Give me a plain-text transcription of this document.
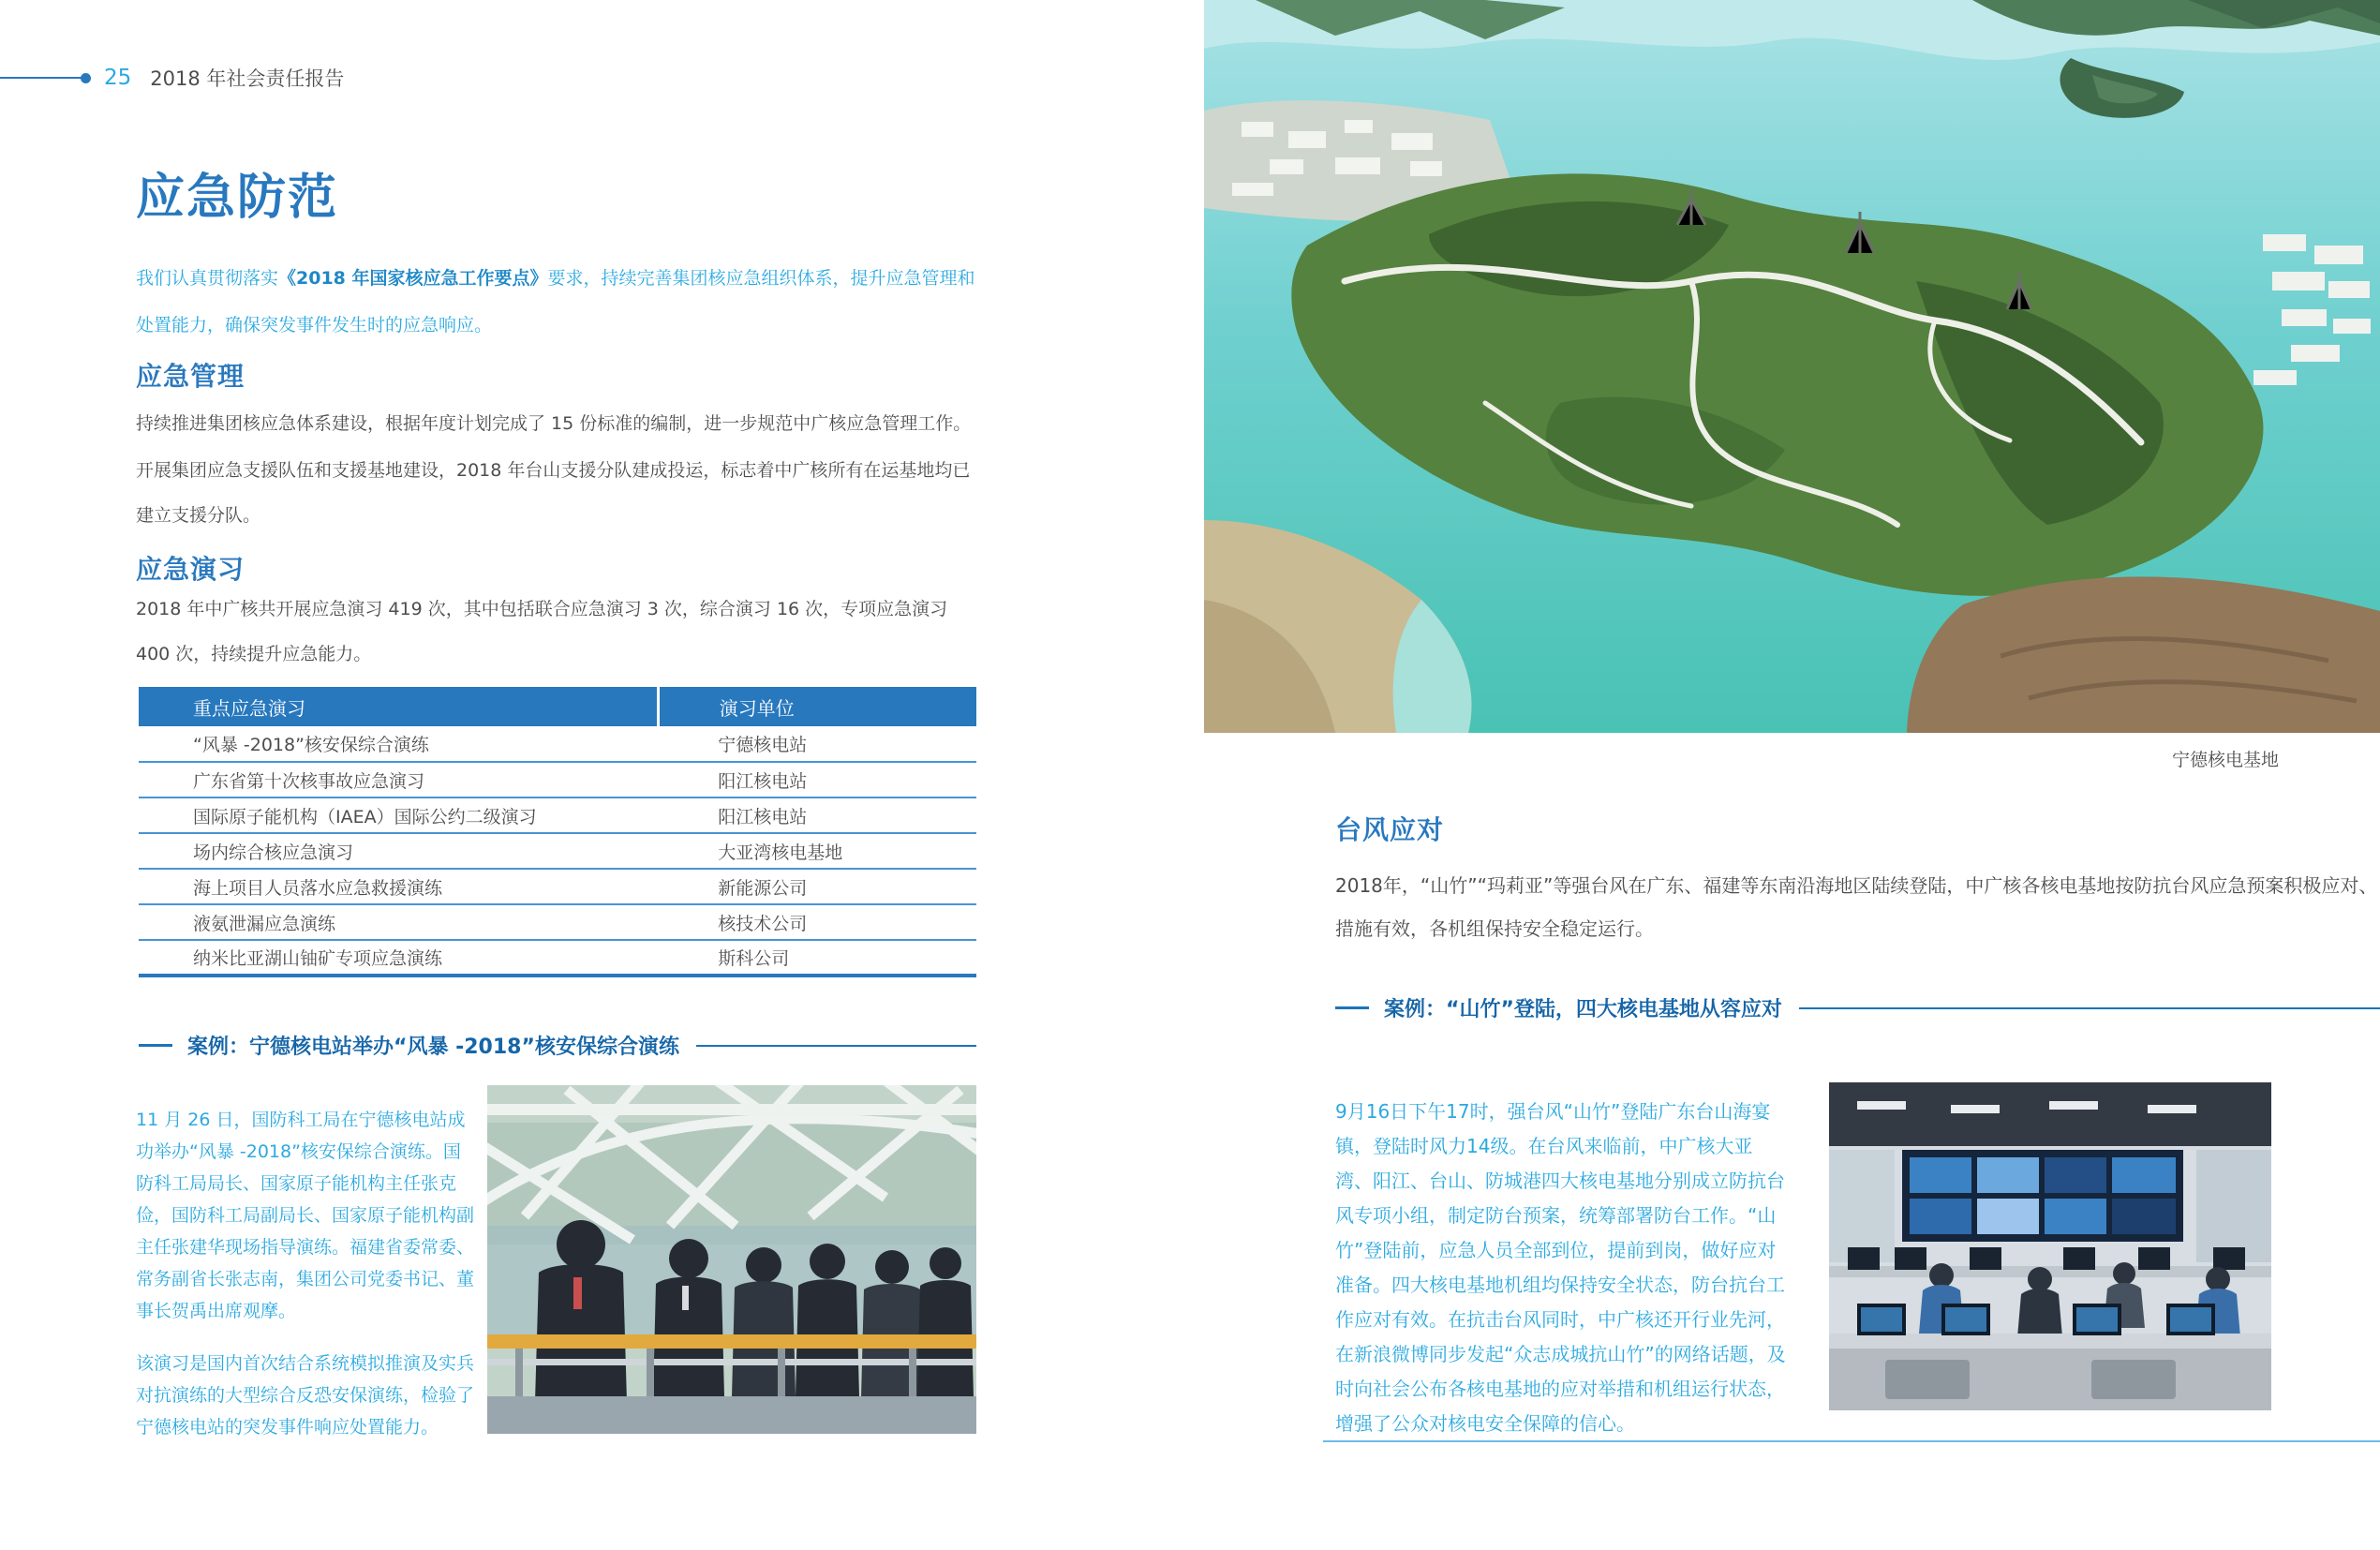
25 2018 年社会责任报告
应急防范

我们认真贯彻落实《2018 年国家核应急工作要点》要求，持续完善集团核应急组织体系，提升应急管理和处置能力，确保突发事件发生时的应急响应。

应急管理

持续推进集团核应急体系建设，根据年度计划完成了 15 份标准的编制，进一步规范中广核应急管理工作。

开展集团应急支援队伍和支援基地建设，2018 年台山支援分队建成投运，标志着中广核所有在运基地均已建立支援分队。

应急演习

2018 年中广核共开展应急演习 419 次，其中包括联合应急演习 3 次，综合演习 16 次，专项应急演习 400 次，持续提升应急能力。

重点应急演习	演习单位
“风暴 -2018”核安保综合演练	宁德核电站
广东省第十次核事故应急演习	阳江核电站
国际原子能机构（IAEA）国际公约二级演习	阳江核电站
场内综合核应急演习	大亚湾核电基地
海上项目人员落水应急救援演练	新能源公司
液氨泄漏应急演练	核技术公司
纳米比亚湖山铀矿专项应急演练	斯科公司
案例：宁德核电站举办“风暴 -2018”核安保综合演练

11 月 26 日，国防科工局在宁德核电站成功举办“风暴 -2018”核安保综合演练。国防科工局局长、国家原子能机构主任张克俭，国防科工局副局长、国家原子能机构副主任张建华现场指导演练。福建省委常委、常务副省长张志南，集团公司党委书记、董事长贺禹出席观摩。

该演习是国内首次结合系统模拟推演及实兵对抗演练的大型综合反恐安保演练，检验了宁德核电站的突发事件响应处置能力。

宁德核电基地
台风应对

2018年，“山竹”“玛莉亚”等强台风在广东、福建等东南沿海地区陆续登陆，中广核各核电基地按防抗台风应急预案积极应对、措施有效，各机组保持安全稳定运行。

案例：“山竹”登陆，四大核电基地从容应对

9月16日下午17时，强台风“山竹”登陆广东台山海宴镇，登陆时风力14级。在台风来临前，中广核大亚湾、阳江、台山、防城港四大核电基地分别成立防抗台风专项小组，制定防台预案，统筹部署防台工作。“山竹”登陆前，应急人员全部到位，提前到岗，做好应对准备。四大核电基地机组均保持安全状态，防台抗台工作应对有效。在抗击台风同时，中广核还开行业先河，在新浪微博同步发起“众志成城抗山竹”的网络话题，及时向社会公布各核电基地的应对举措和机组运行状态，增强了公众对核电安全保障的信心。
